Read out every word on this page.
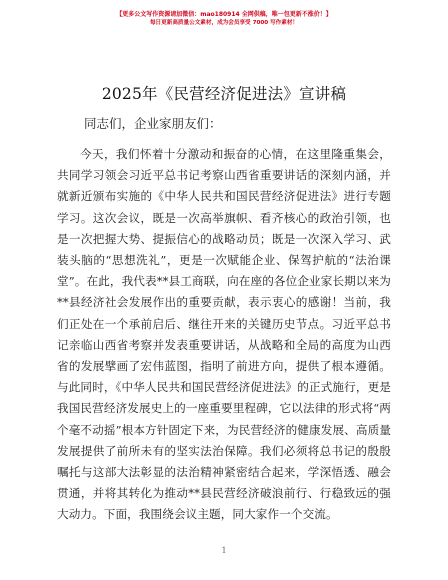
【更多公文写作资源请加微信：mao180914 全网供稿，唯一包更新不涨价！】
每日更新高质量公文素材，成为会员享受 7000 写作素材！
2025年《民营经济促进法》宣讲稿
同志们，企业家朋友们：
今天，我们怀着十分激动和振奋的心情，在这里隆重集会，共同学习领会习近平总书记考察山西省重要讲话的深刻内涵，并就新近颁布实施的《中华人民共和国民营经济促进法》进行专题学习。这次会议，既是一次高举旗帜、看齐核心的政治引领，也是一次把握大势、提振信心的战略动员；既是一次深入学习、武装头脑的“思想洗礼”，更是一次赋能企业、保驾护航的“法治课堂”。在此，我代表**县工商联，向在座的各位企业家长期以来为**县经济社会发展作出的重要贡献，表示衷心的感谢！当前，我们正处在一个承前启后、继往开来的关键历史节点。习近平总书记亲临山西省考察并发表重要讲话，从战略和全局的高度为山西省的发展擘画了宏伟蓝图，指明了前进方向，提供了根本遵循。与此同时，《中华人民共和国民营经济促进法》的正式施行，更是我国民营经济发展史上的一座重要里程碑，它以法律的形式将“两个毫不动摇”根本方针固定下来，为民营经济的健康发展、高质量发展提供了前所未有的坚实法治保障。我们必须将总书记的殷殷嘱托与这部大法彰显的法治精神紧密结合起来，学深悟透、融会贯通，并将其转化为推动**县民营经济破浪前行、行稳致远的强大动力。下面，我围绕会议主题，同大家作一个交流。
1
